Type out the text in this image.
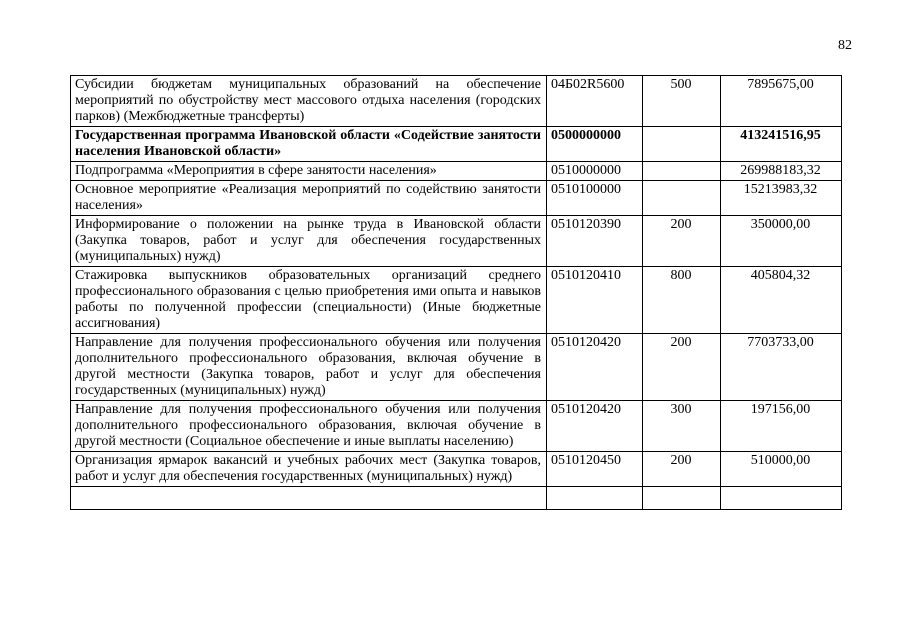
82
Субсидии бюджетам муниципальных образований на обеспечение мероприятий по обустройству мест массового отдыха населения (городских парков) (Межбюджетные трансферты)	04Б02R5600	500	7895675,00
Государственная программа Ивановской области «Содействие занятости населения Ивановской области»	0500000000		413241516,95
Подпрограмма «Мероприятия в сфере занятости населения»	0510000000		269988183,32
Основное мероприятие «Реализация мероприятий по содействию занятости населения»	0510100000		15213983,32
Информирование о положении на рынке труда в Ивановской области (Закупка товаров, работ и услуг для обеспечения государственных (муниципальных) нужд)	0510120390	200	350000,00
Стажировка выпускников образовательных организаций среднего профессионального образования с целью приобретения ими опыта и навыков работы по полученной профессии (специальности) (Иные бюджетные ассигнования)	0510120410	800	405804,32
Направление для получения профессионального обучения или получения дополнительного профессионального образования, включая обучение в другой местности (Закупка товаров, работ и услуг для обеспечения государственных (муниципальных) нужд)	0510120420	200	7703733,00
Направление для получения профессионального обучения или получения дополнительного профессионального образования, включая обучение в другой местности (Социальное обеспечение и иные выплаты населению)	0510120420	300	197156,00
Организация ярмарок вакансий и учебных рабочих мест (Закупка товаров, работ и услуг для обеспечения государственных (муниципальных) нужд)	0510120450	200	510000,00
